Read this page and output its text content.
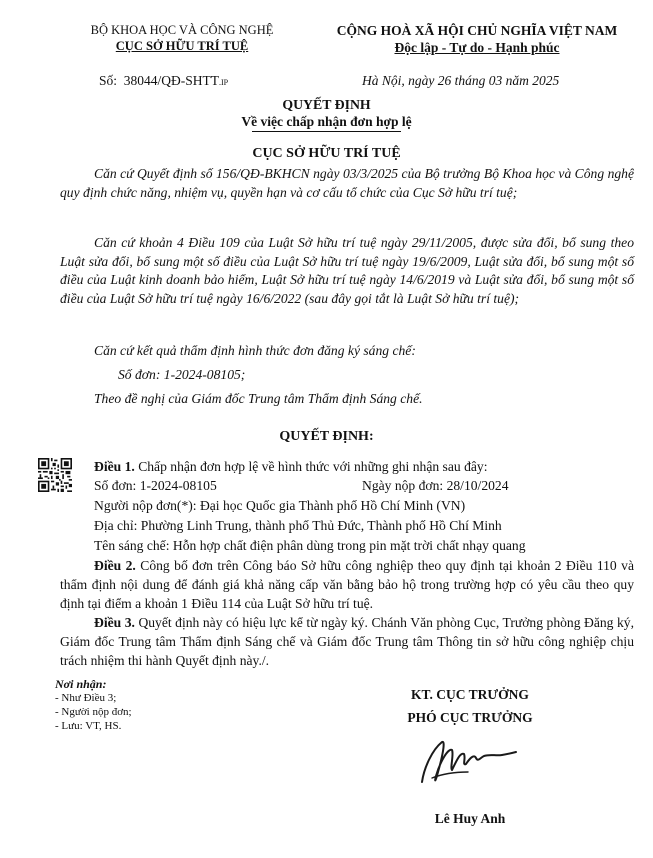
BỘ KHOA HỌC VÀ CÔNG NGHỆ
CỤC SỞ HỮU TRÍ TUỆ
CỘNG HOÀ XÃ HỘI CHỦ NGHĨA VIỆT NAM
Độc lập - Tự do - Hạnh phúc
Số: 38044/QĐ-SHTT.IP	Hà Nội, ngày 26 tháng 03 năm 2025
QUYẾT ĐỊNH
Về việc chấp nhận đơn hợp lệ
CỤC SỞ HỮU TRÍ TUỆ
Căn cứ Quyết định số 156/QĐ-BKHCN ngày 03/3/2025 của Bộ trưởng Bộ Khoa học và Công nghệ quy định chức năng, nhiệm vụ, quyền hạn và cơ cấu tổ chức của Cục Sở hữu trí tuệ;
Căn cứ khoản 4 Điều 109 của Luật Sở hữu trí tuệ ngày 29/11/2005, được sửa đổi, bổ sung theo Luật sửa đổi, bổ sung một số điều của Luật Sở hữu trí tuệ ngày 19/6/2009, Luật sửa đổi, bổ sung một số điều của Luật kinh doanh bảo hiểm, Luật Sở hữu trí tuệ ngày 14/6/2019 và Luật sửa đổi, bổ sung một số điều của Luật Sở hữu trí tuệ ngày 16/6/2022 (sau đây gọi tắt là Luật Sở hữu trí tuệ);
Căn cứ kết quả thẩm định hình thức đơn đăng ký sáng chế:
Số đơn: 1-2024-08105;
Theo đề nghị của Giám đốc Trung tâm Thẩm định Sáng chế.
QUYẾT ĐỊNH:
Điều 1. Chấp nhận đơn hợp lệ về hình thức với những ghi nhận sau đây:
Số đơn: 1-2024-08105	Ngày nộp đơn: 28/10/2024
Người nộp đơn(*): Đại học Quốc gia Thành phố Hồ Chí Minh (VN)
Địa chỉ: Phường Linh Trung, thành phố Thủ Đức, Thành phố Hồ Chí Minh
Tên sáng chế: Hỗn hợp chất điện phân dùng trong pin mặt trời chất nhạy quang
Điều 2. Công bố đơn trên Công báo Sở hữu công nghiệp theo quy định tại khoản 2 Điều 110 và thẩm định nội dung để đánh giá khả năng cấp văn bằng bảo hộ trong trường hợp có yêu cầu theo quy định tại điểm a khoản 1 Điều 114 của Luật Sở hữu trí tuệ.
Điều 3. Quyết định này có hiệu lực kể từ ngày ký. Chánh Văn phòng Cục, Trưởng phòng Đăng ký, Giám đốc Trung tâm Thẩm định Sáng chế và Giám đốc Trung tâm Thông tin sở hữu công nghiệp chịu trách nhiệm thi hành Quyết định này./.
Nơi nhận:
- Như Điều 3;
- Người nộp đơn;
- Lưu: VT, HS.
KT. CỤC TRƯỞNG
PHÓ CỤC TRƯỞNG
Lê Huy Anh
